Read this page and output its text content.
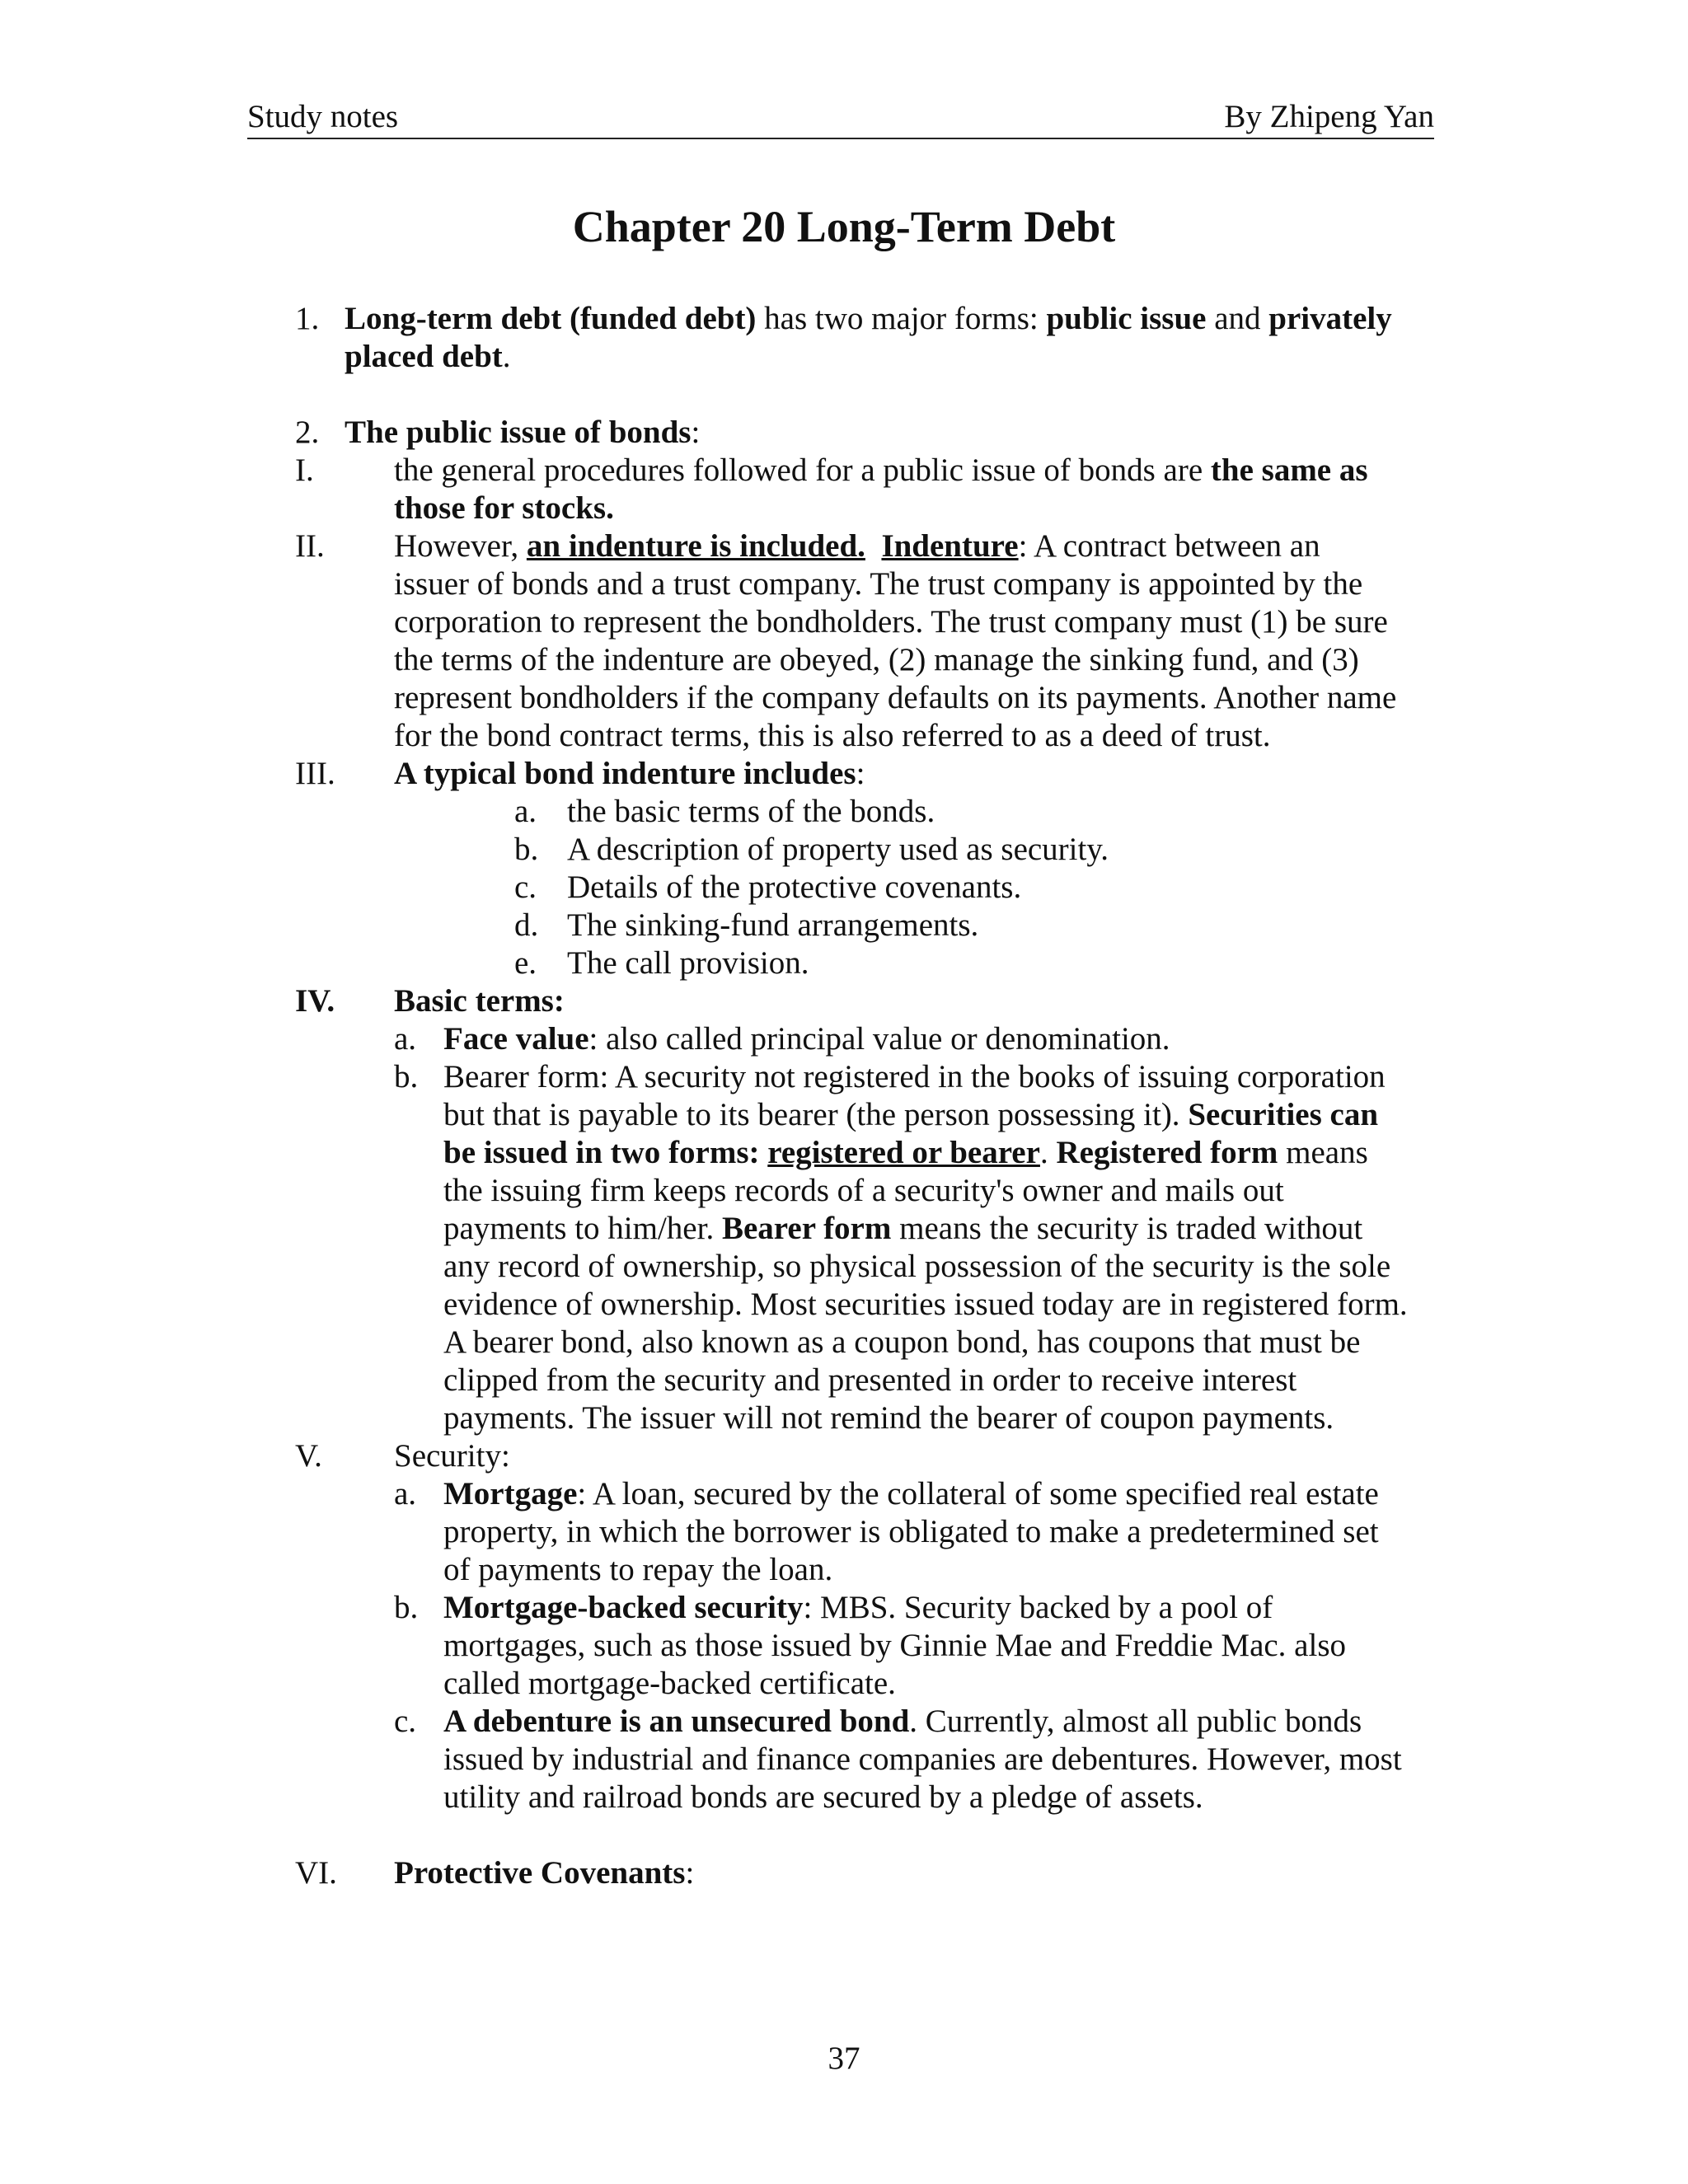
Study notes	By Zhipeng Yan
Chapter 20 Long-Term Debt
1. Long-term debt (funded debt) has two major forms: public issue and privately
placed debt.
2. The public issue of bonds:
I. the general procedures followed for a public issue of bonds are the same as
those for stocks.
II. However, an indenture is included. Indenture: A contract between an
issuer of bonds and a trust company. The trust company is appointed by the
corporation to represent the bondholders. The trust company must (1) be sure
the terms of the indenture are obeyed, (2) manage the sinking fund, and (3)
represent bondholders if the company defaults on its payments. Another name
for the bond contract terms, this is also referred to as a deed of trust.
III. A typical bond indenture includes:
a. the basic terms of the bonds.
b. A description of property used as security.
c. Details of the protective covenants.
d. The sinking-fund arrangements.
e. The call provision.
IV. Basic terms:
a. Face value: also called principal value or denomination.
b. Bearer form: A security not registered in the books of issuing corporation
but that is payable to its bearer (the person possessing it). Securities can
be issued in two forms: registered or bearer. Registered form means
the issuing firm keeps records of a security's owner and mails out
payments to him/her. Bearer form means the security is traded without
any record of ownership, so physical possession of the security is the sole
evidence of ownership. Most securities issued today are in registered form.
A bearer bond, also known as a coupon bond, has coupons that must be
clipped from the security and presented in order to receive interest
payments. The issuer will not remind the bearer of coupon payments.
V. Security:
a. Mortgage: A loan, secured by the collateral of some specified real estate
property, in which the borrower is obligated to make a predetermined set
of payments to repay the loan.
b. Mortgage-backed security: MBS. Security backed by a pool of
mortgages, such as those issued by Ginnie Mae and Freddie Mac. also
called mortgage-backed certificate.
c. A debenture is an unsecured bond. Currently, almost all public bonds
issued by industrial and finance companies are debentures. However, most
utility and railroad bonds are secured by a pledge of assets.
VI. Protective Covenants:
37
